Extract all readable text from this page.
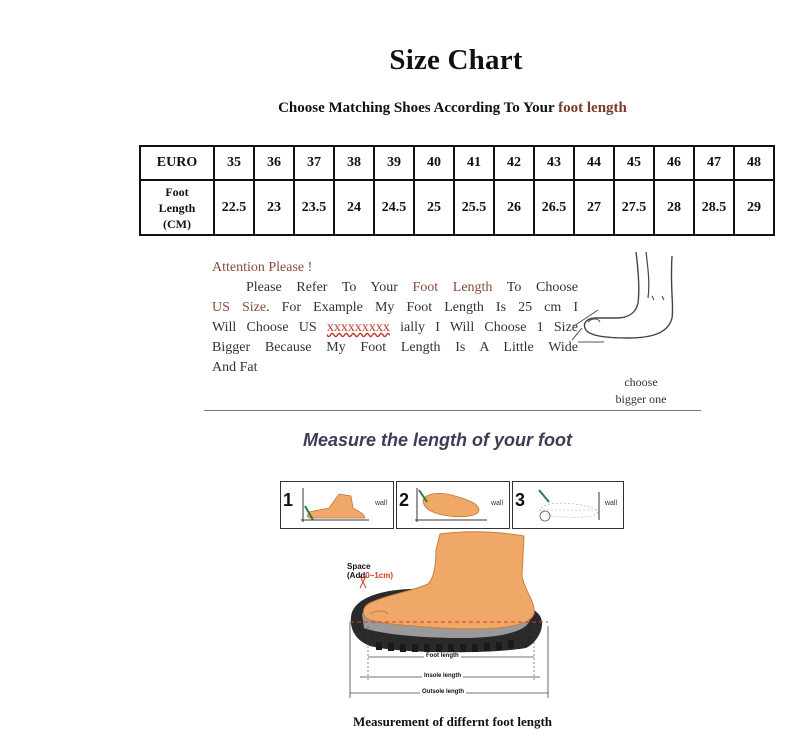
Size Chart
Choose Matching Shoes According To Your foot length
EURO	35	36	37	38	39	40	41	42	43	44	45	46	47	48

Foot
Length
(CM)	22.5	23	23.5	24	24.5	25	25.5	26	26.5	27	27.5	28	28.5	29
Attention Please !
Please Refer To Your Foot Length To Choose
US Size. For Example My Foot Length Is 25 cm I
Will Choose US xxxxxxxxx ially I Will Choose 1 Size
Bigger Because My Foot Length Is A Little Wide
And Fat
choose
bigger one
Measure the length of your foot
1	wall 2	wall 3	wall
Space
(Add0~1cm)
Foot length
Insole length
Outsole length
Measurement of differnt foot length
